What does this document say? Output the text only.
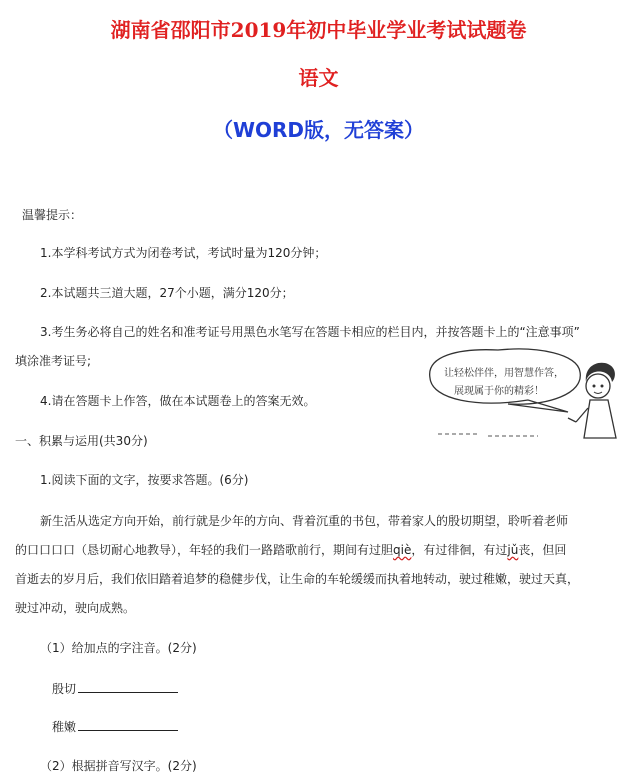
湖南省邵阳市2019年初中毕业学业考试试题卷
语文
（WORD版，无答案）
温馨提示：
1.本学科考试方式为闭卷考试，考试时量为120分钟；
2.本试题共三道大题，27个小题，满分120分；
3.考生务必将自己的姓名和准考证号用黑色水笔写在答题卡相应的栏目内，并按答题卡上的“注意事项”
填涂准考证号;
4.请在答题卡上作答，做在本试题卷上的答案无效。
让轻松伴伴，用智慧作答，
展现属于你的精彩！
一、积累与运用(共30分)
1.阅读下面的文字，按要求答题。(6分)
新生活从选定方向开始，前行就是少年的方向、背着沉重的书包，带着家人的殷切期望，聆听着老师
的口口口口（恳切耐心地教导），年轻的我们一路踏歌前行，期间有过胆qiè，有过徘徊，有过jǔ丧，但回
首逝去的岁月后，我们依旧踏着追梦的稳健步伐，让生命的车轮缓缓而执着地转动，驶过稚嫩，驶过天真，
驶过冲动，驶向成熟。
（1）给加点的字注音。(2分)
殷切
稚嫩
（2）根据拼音写汉字。(2分)
